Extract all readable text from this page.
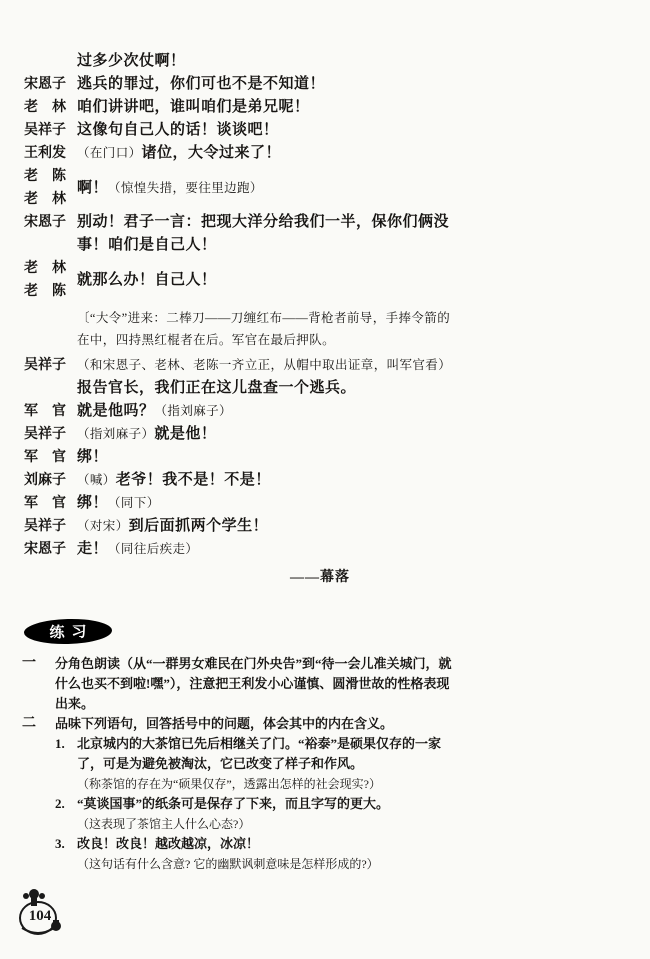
过多少次仗啊！
宋恩子 逃兵的罪过，你们可也不是不知道！
老　林 咱们讲讲吧，谁叫咱们是弟兄呢！
吴祥子 这像句自己人的话！谈谈吧！
王利发 （在门口）诸位，大令过来了！
老　陈
老　林
啊！（惊惶失措，要往里边跑）
宋恩子 别动！君子一言：把现大洋分给我们一半，保你们俩没事！咱们是自己人！
老　林
老　陈
就那么办！自己人！
〔“大令”进来：二棒刀——刀缠红布——背枪者前导，手捧令箭的在中，四持黑红棍者在后。军官在最后押队。
吴祥子 （和宋恩子、老林、老陈一齐立正，从帽中取出证章，叫军官看）
报告官长，我们正在这儿盘查一个逃兵。
军　官 就是他吗？（指刘麻子）
吴祥子 （指刘麻子）就是他！
军　官 绑！
刘麻子 （喊）老爷！我不是！不是！
军　官 绑！（同下）
吴祥子 （对宋）到后面抓两个学生！
宋恩子 走！（同往后疾走）
——幕落
练习
一	分角色朗读（从“一群男女难民在门外央告”到“待一会儿准关城门，就什么也买不到啦!嘿”），注意把王利发小心谨慎、圆滑世故的性格表现出来。
二	品味下列语句，回答括号中的问题，体会其中的内在含义。
1. 北京城内的大茶馆已先后相继关了门。“裕泰”是硕果仅存的一家了，可是为避免被淘汰，它已改变了样子和作风。
（称茶馆的存在为“硕果仅存”，透露出怎样的社会现实?）
2. “莫谈国事”的纸条可是保存了下来，而且字写的更大。
（这表现了茶馆主人什么心态?）
3. 改良！改良！越改越凉，冰凉！
（这句话有什么含意? 它的幽默讽刺意味是怎样形成的?）
104
